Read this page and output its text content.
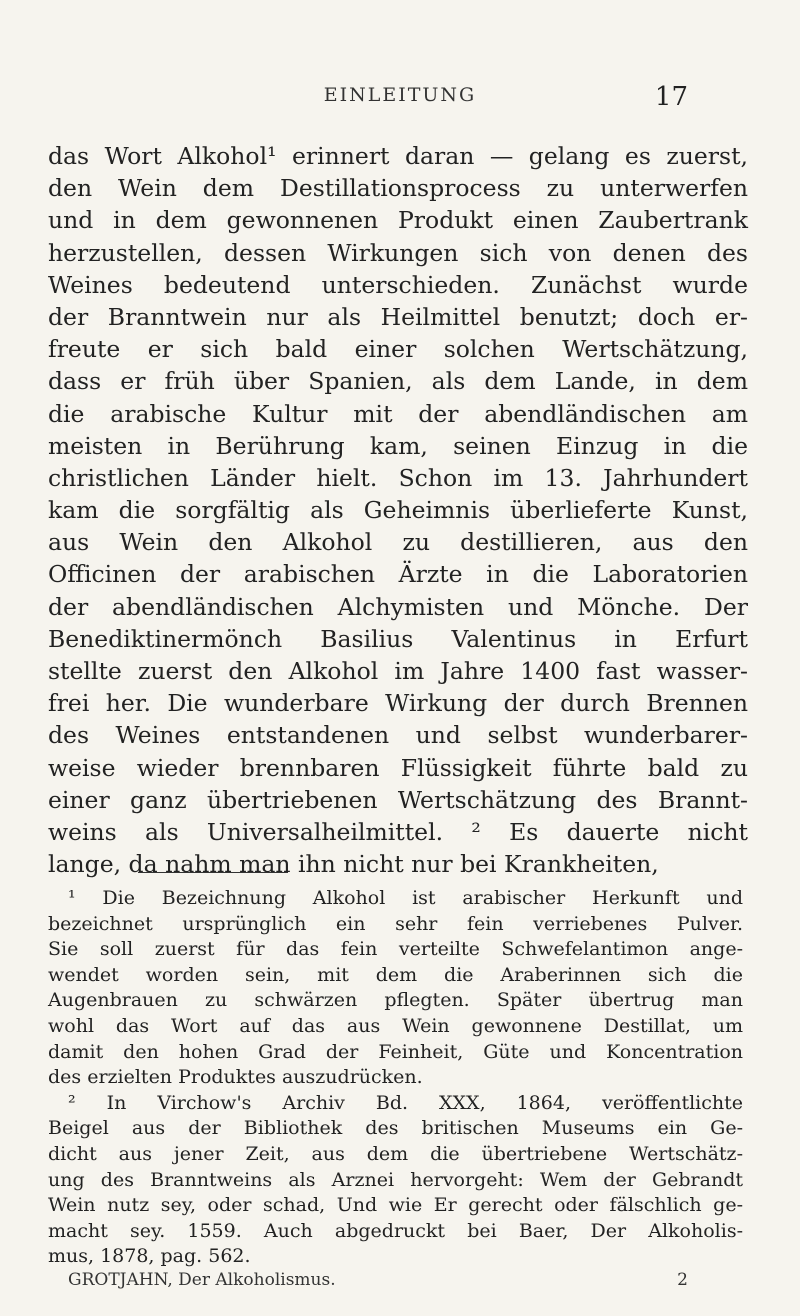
EINLEITUNG	17
das Wort Alkohol¹ erinnert daran — gelang es zuerst,
den Wein dem Destillationsprocess zu unterwerfen
und in dem gewonnenen Produkt einen Zaubertrank
herzustellen, dessen Wirkungen sich von denen des
Weines bedeutend unterschieden. Zunächst wurde
der Branntwein nur als Heilmittel benutzt; doch er-
freute er sich bald einer solchen Wertschätzung,
dass er früh über Spanien, als dem Lande, in dem
die arabische Kultur mit der abendländischen am
meisten in Berührung kam, seinen Einzug in die
christlichen Länder hielt. Schon im 13. Jahrhundert
kam die sorgfältig als Geheimnis überlieferte Kunst,
aus Wein den Alkohol zu destillieren, aus den
Officinen der arabischen Ärzte in die Laboratorien
der abendländischen Alchymisten und Mönche. Der
Benediktinermönch Basilius Valentinus in Erfurt
stellte zuerst den Alkohol im Jahre 1400 fast wasser-
frei her. Die wunderbare Wirkung der durch Brennen
des Weines entstandenen und selbst wunderbarer-
weise wieder brennbaren Flüssigkeit führte bald zu
einer ganz übertriebenen Wertschätzung des Brannt-
weins als Universalheilmittel. ² Es dauerte nicht
lange, da nahm man ihn nicht nur bei Krankheiten,
¹ Die Bezeichnung Alkohol ist arabischer Herkunft und
bezeichnet ursprünglich ein sehr fein verriebenes Pulver.
Sie soll zuerst für das fein verteilte Schwefelantimon ange-
wendet worden sein, mit dem die Araberinnen sich die
Augenbrauen zu schwärzen pflegten. Später übertrug man
wohl das Wort auf das aus Wein gewonnene Destillat, um
damit den hohen Grad der Feinheit, Güte und Koncentration
des erzielten Produktes auszudrücken.
² In Virchow's Archiv Bd. XXX, 1864, veröffentlichte
Beigel aus der Bibliothek des britischen Museums ein Ge-
dicht aus jener Zeit, aus dem die übertriebene Wertschätz-
ung des Branntweins als Arznei hervorgeht: Wem der Gebrandt
Wein nutz sey, oder schad, Und wie Er gerecht oder fälschlich ge-
macht sey. 1559. Auch abgedruckt bei Baer, Der Alkoholis-
mus, 1878, pag. 562.
GROTJAHN, Der Alkoholismus.	2
